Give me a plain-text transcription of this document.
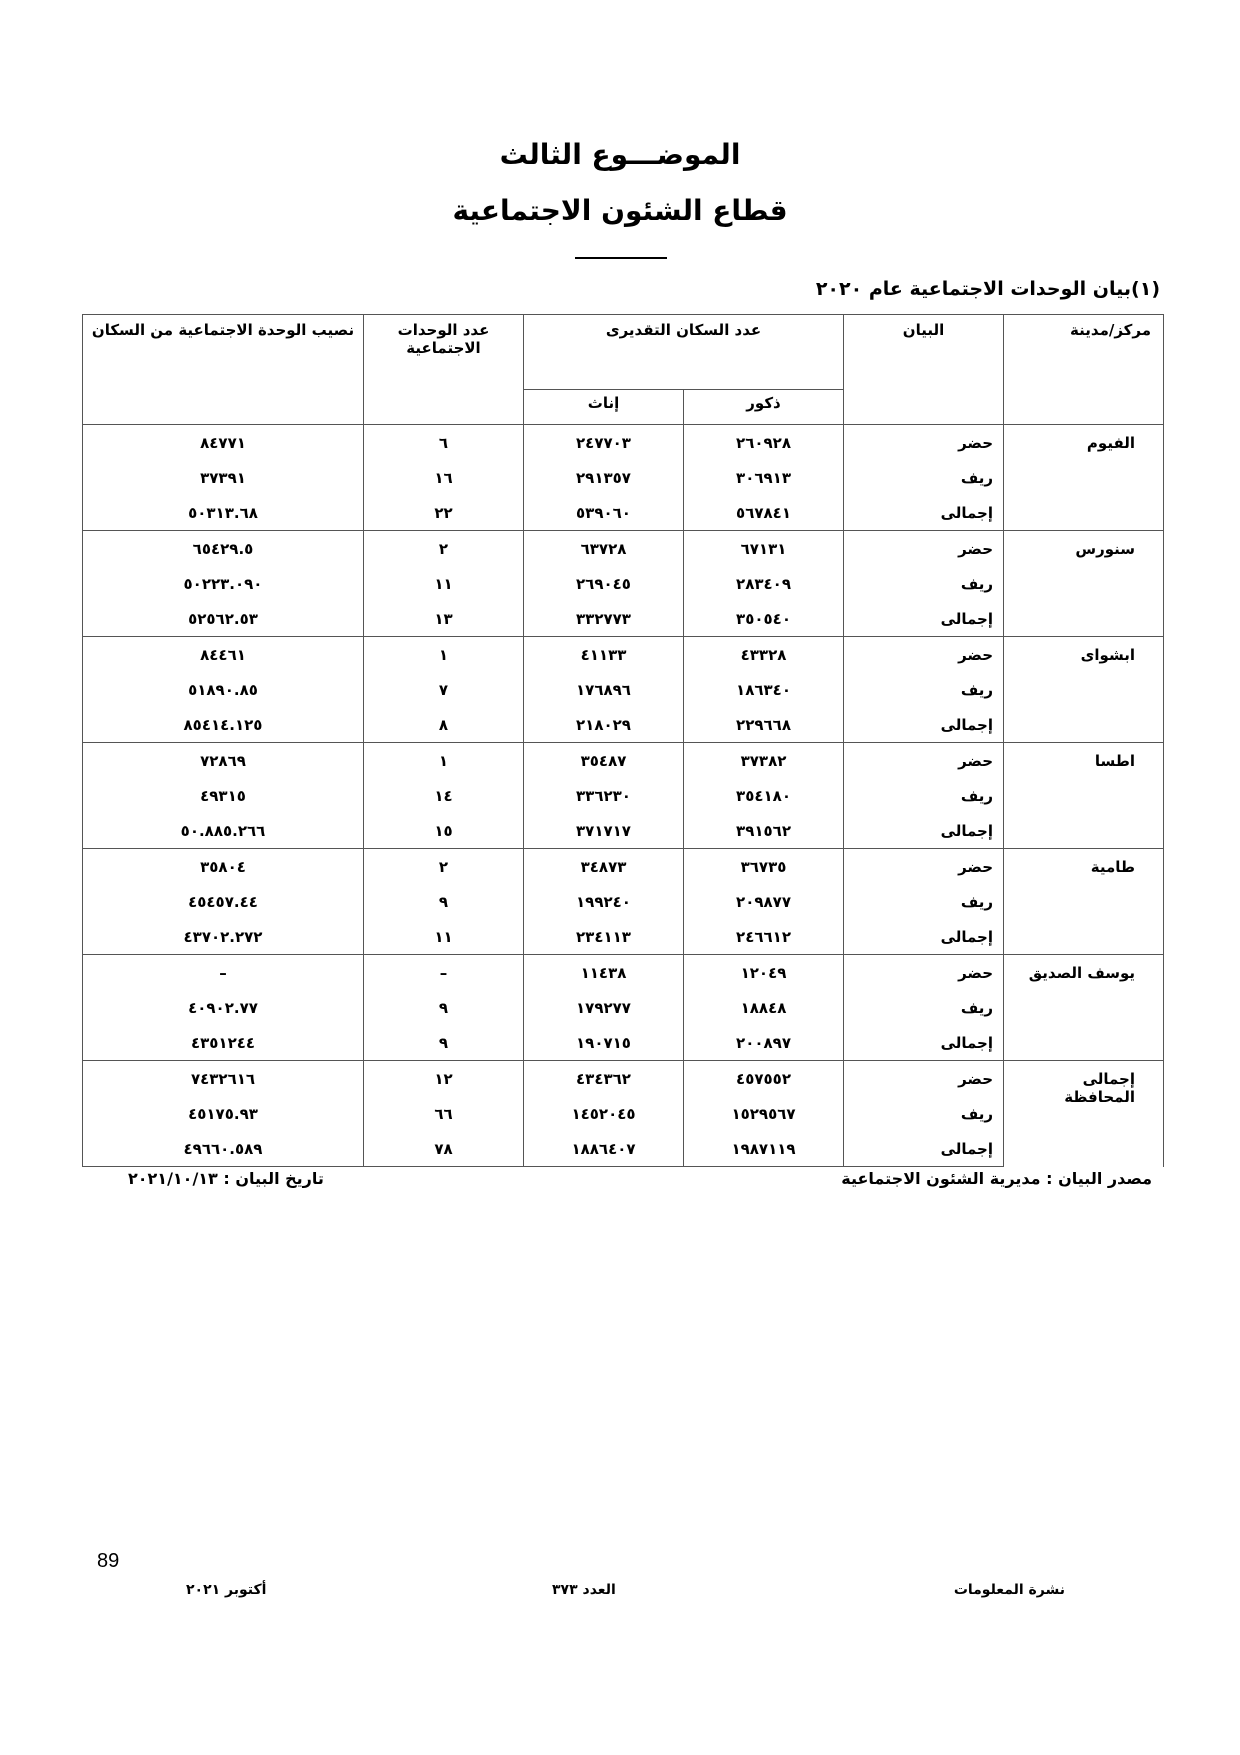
الموضـــوع الثالث
قطاع الشئون الاجتماعية
(١)بيان الوحدات الاجتماعية عام ٢٠٢٠
مركز/مدينة	البيان	عدد السكان التقديرى		عدد الوحدات الاجتماعية	نصيب الوحدة الاجتماعية من السكان
		ذكور	إناث		
الفيوم	حضر	٢٦٠٩٢٨	٢٤٧٧٠٣	٦	٨٤٧٧١
	ريف	٣٠٦٩١٣	٢٩١٣٥٧	١٦	٣٧٣٩١
	إجمالى	٥٦٧٨٤١	٥٣٩٠٦٠	٢٢	٥٠٣١٣.٦٨
سنورس	حضر	٦٧١٣١	٦٣٧٢٨	٢	٦٥٤٢٩.٥
	ريف	٢٨٣٤٠٩	٢٦٩٠٤٥	١١	٥٠٢٢٣.٠٩٠
	إجمالى	٣٥٠٥٤٠	٣٣٢٧٧٣	١٣	٥٢٥٦٢.٥٣
ابشواى	حضر	٤٣٣٢٨	٤١١٣٣	١	٨٤٤٦١
	ريف	١٨٦٣٤٠	١٧٦٨٩٦	٧	٥١٨٩٠.٨٥
	إجمالى	٢٢٩٦٦٨	٢١٨٠٢٩	٨	٨٥٤١٤.١٢٥
اطسا	حضر	٣٧٣٨٢	٣٥٤٨٧	١	٧٢٨٦٩
	ريف	٣٥٤١٨٠	٣٣٦٢٣٠	١٤	٤٩٣١٥
	إجمالى	٣٩١٥٦٢	٣٧١٧١٧	١٥	٥٠.٨٨٥.٢٦٦
طامية	حضر	٣٦٧٣٥	٣٤٨٧٣	٢	٣٥٨٠٤
	ريف	٢٠٩٨٧٧	١٩٩٢٤٠	٩	٤٥٤٥٧.٤٤
	إجمالى	٢٤٦٦١٢	٢٣٤١١٣	١١	٤٣٧٠٢.٢٧٢
يوسف الصديق	حضر	١٢٠٤٩	١١٤٣٨	–	–
	ريف	١٨٨٤٨	١٧٩٢٧٧	٩	٤٠٩٠٢.٧٧
	إجمالى	٢٠٠٨٩٧	١٩٠٧١٥	٩	٤٣٥١٢٤٤
إجمالى المحافظة	حضر	٤٥٧٥٥٢	٤٣٤٣٦٢	١٢	٧٤٣٢٦١٦
	ريف	١٥٢٩٥٦٧	١٤٥٢٠٤٥	٦٦	٤٥١٧٥.٩٣
	إجمالى	١٩٨٧١١٩	١٨٨٦٤٠٧	٧٨	٤٩٦٦٠.٥٨٩
مصدر البيان : مديرية الشئون الاجتماعية
تاريخ البيان : ٢٠٢١/١٠/١٣
89
نشرة المعلومات
العدد ٣٧٣
أكتوبر ٢٠٢١
